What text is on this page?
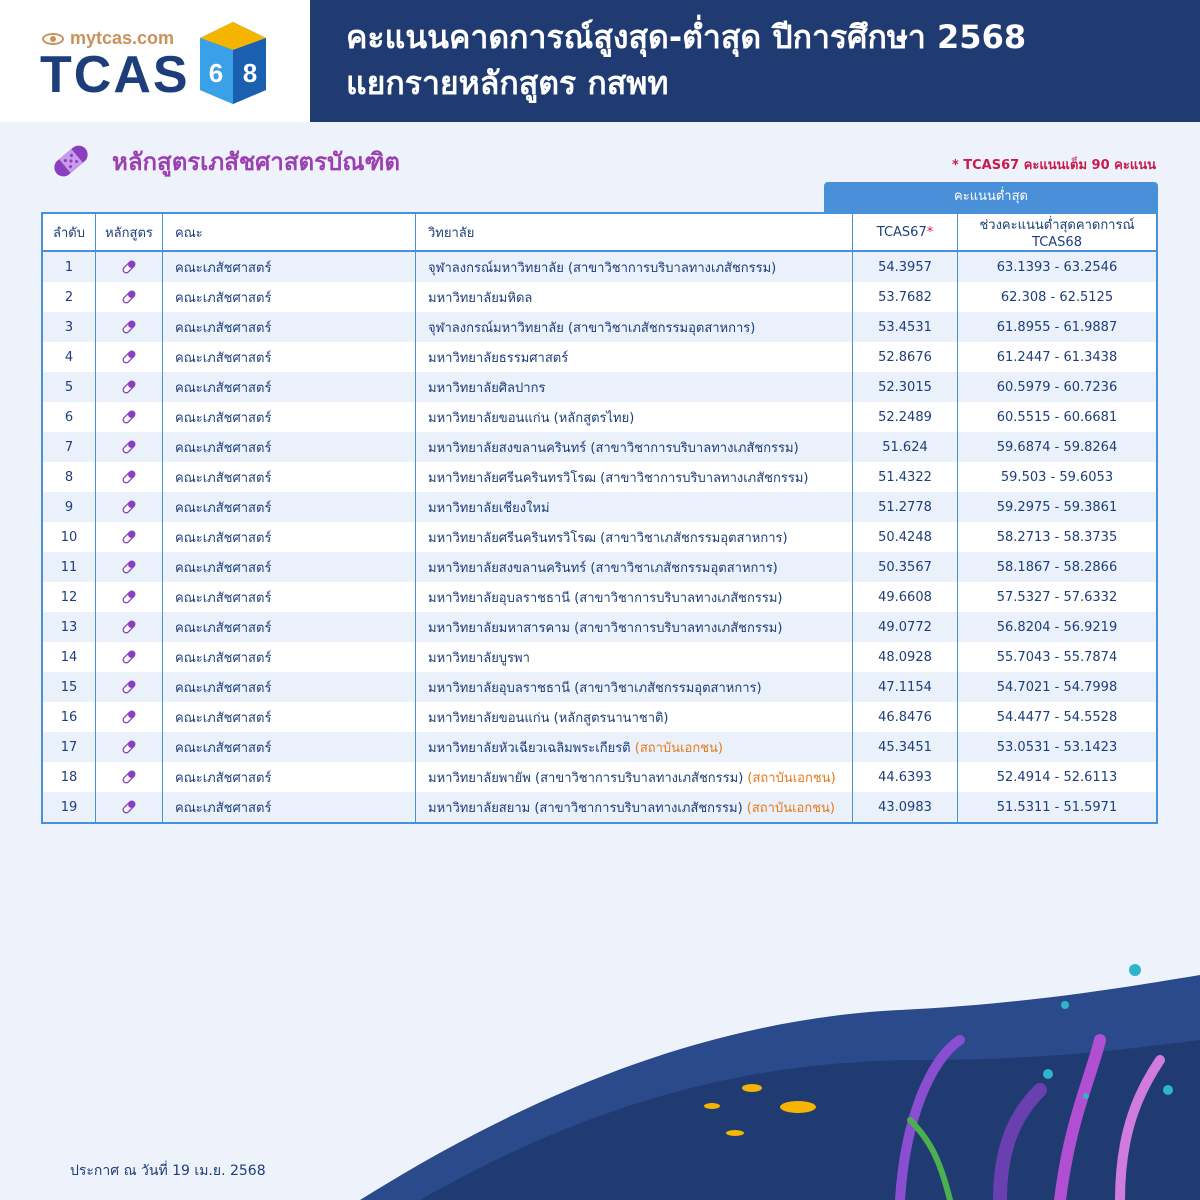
mytcas.com
TCAS 6 8
คะแนนคาดการณ์สูงสุด-ต่ำสุด ปีการศึกษา 2568
แยกรายหลักสูตร กสพท
หลักสูตรเภสัชศาสตรบัณฑิต	* TCAS67 คะแนนเต็ม 90 คะแนน
คะแนนต่ำสุด
ลำดับ	หลักสูตร	คณะ	วิทยาลัย	TCAS67*	ช่วงคะแนนต่ำสุดคาดการณ์ TCAS68
1		คณะเภสัชศาสตร์	จุฬาลงกรณ์มหาวิทยาลัย (สาขาวิชาการบริบาลทางเภสัชกรรม)	54.3957	63.1393 - 63.2546
2		คณะเภสัชศาสตร์	มหาวิทยาลัยมหิดล	53.7682	62.308 - 62.5125
3		คณะเภสัชศาสตร์	จุฬาลงกรณ์มหาวิทยาลัย (สาขาวิชาเภสัชกรรมอุตสาหการ)	53.4531	61.8955 - 61.9887
4		คณะเภสัชศาสตร์	มหาวิทยาลัยธรรมศาสตร์	52.8676	61.2447 - 61.3438
5		คณะเภสัชศาสตร์	มหาวิทยาลัยศิลปากร	52.3015	60.5979 - 60.7236
6		คณะเภสัชศาสตร์	มหาวิทยาลัยขอนแก่น (หลักสูตรไทย)	52.2489	60.5515 - 60.6681
7		คณะเภสัชศาสตร์	มหาวิทยาลัยสงขลานครินทร์ (สาขาวิชาการบริบาลทางเภสัชกรรม)	51.624	59.6874 - 59.8264
8		คณะเภสัชศาสตร์	มหาวิทยาลัยศรีนครินทรวิโรฒ (สาขาวิชาการบริบาลทางเภสัชกรรม)	51.4322	59.503 - 59.6053
9		คณะเภสัชศาสตร์	มหาวิทยาลัยเชียงใหม่	51.2778	59.2975 - 59.3861
10		คณะเภสัชศาสตร์	มหาวิทยาลัยศรีนครินทรวิโรฒ (สาขาวิชาเภสัชกรรมอุตสาหการ)	50.4248	58.2713 - 58.3735
11		คณะเภสัชศาสตร์	มหาวิทยาลัยสงขลานครินทร์ (สาขาวิชาเภสัชกรรมอุตสาหการ)	50.3567	58.1867 - 58.2866
12		คณะเภสัชศาสตร์	มหาวิทยาลัยอุบลราชธานี (สาขาวิชาการบริบาลทางเภสัชกรรม)	49.6608	57.5327 - 57.6332
13		คณะเภสัชศาสตร์	มหาวิทยาลัยมหาสารคาม (สาขาวิชาการบริบาลทางเภสัชกรรม)	49.0772	56.8204 - 56.9219
14		คณะเภสัชศาสตร์	มหาวิทยาลัยบูรพา	48.0928	55.7043 - 55.7874
15		คณะเภสัชศาสตร์	มหาวิทยาลัยอุบลราชธานี (สาขาวิชาเภสัชกรรมอุตสาหการ)	47.1154	54.7021 - 54.7998
16		คณะเภสัชศาสตร์	มหาวิทยาลัยขอนแก่น (หลักสูตรนานาชาติ)	46.8476	54.4477 - 54.5528
17		คณะเภสัชศาสตร์	มหาวิทยาลัยหัวเฉียวเฉลิมพระเกียรติ (สถาบันเอกชน)	45.3451	53.0531 - 53.1423
18		คณะเภสัชศาสตร์	มหาวิทยาลัยพายัพ (สาขาวิชาการบริบาลทางเภสัชกรรม) (สถาบันเอกชน)	44.6393	52.4914 - 52.6113
19		คณะเภสัชศาสตร์	มหาวิทยาลัยสยาม (สาขาวิชาการบริบาลทางเภสัชกรรม) (สถาบันเอกชน)	43.0983	51.5311 - 51.5971
ประกาศ ณ วันที่ 19 เม.ย. 2568
